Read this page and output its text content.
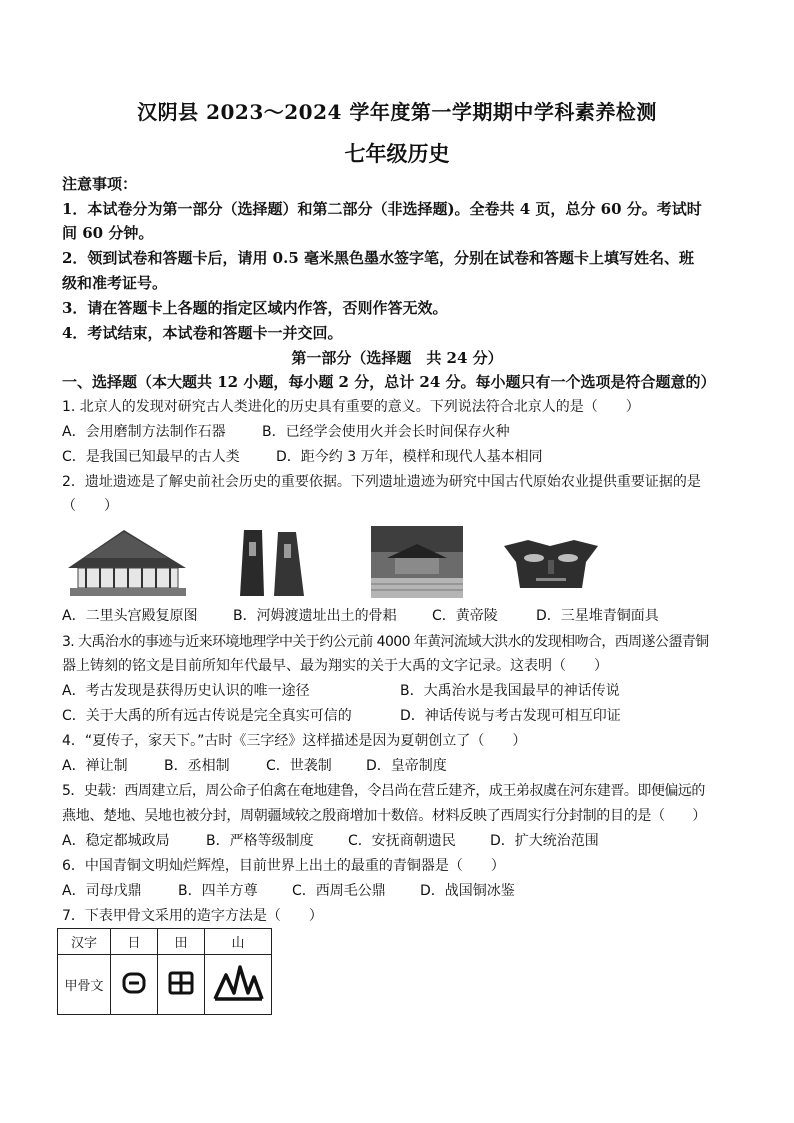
汉阴县 2023～2024 学年度第一学期期中学科素养检测
七年级历史
注意事项：
1．本试卷分为第一部分（选择题）和第二部分（非选择题)。全卷共 4 页，总分 60 分。考试时
间 60 分钟。
2．领到试卷和答题卡后，请用 0.5 毫米黑色墨水签字笔，分别在试卷和答题卡上填写姓名、班
级和准考证号。
3．请在答题卡上各题的指定区域内作答，否则作答无效。
4．考试结束，本试卷和答题卡一并交回。
第一部分（选择题　共 24 分）
一、选择题（本大题共 12 小题，每小题 2 分，总计 24 分。每小题只有一个选项是符合题意的）
1. 北京人的发现对研究古人类进化的历史具有重要的意义。下列说法符合北京人的是（　　）
A．会用磨制方法制作石器	B．已经学会使用火并会长时间保存火种
C．是我国已知最早的古人类	D．距今约 3 万年，模样和现代人基本相同
2．遗址遗迹是了解史前社会历史的重要依据。下列遗址遗迹为研究中国古代原始农业提供重要证据的是
（　　）
A．二里头宫殿复原图	B．河姆渡遗址出土的骨耜	C．黄帝陵	D．三星堆青铜面具
3. 大禹治水的事迹与近来环境地理学中关于约公元前 4000 年黄河流域大洪水的发现相吻合，西周遂公盨青铜
器上铸刻的铭文是目前所知年代最早、最为翔实的关于大禹的文字记录。这表明（　　）
A．考古发现是获得历史认识的唯一途径	B．大禹治水是我国最早的神话传说
C．关于大禹的所有远古传说是完全真实可信的	D．神话传说与考古发现可相互印证
4．“夏传子，家天下。”古时《三字经》这样描述是因为夏朝创立了（　　）
A．禅让制	B．丞相制	C．世袭制 D．皇帝制度
5．史载：西周建立后，周公命子伯禽在奄地建鲁，令吕尚在营丘建齐，成王弟叔虞在河东建晋。即便偏远的
燕地、楚地、吴地也被分封，周朝疆域较之殷商增加十数倍。材料反映了西周实行分封制的目的是（　　）
A．稳定都城政局	B．严格等级制度 C．安抚商朝遗民 D．扩大统治范围
6．中国青铜文明灿烂辉煌，目前世界上出土的最重的青铜器是（　　）
A．司母戊鼎	B．四羊方尊 C．西周毛公鼎 D．战国铜冰鉴
7．下表甲骨文采用的造字方法是（　　）
汉字	日	田	山
甲骨文			
